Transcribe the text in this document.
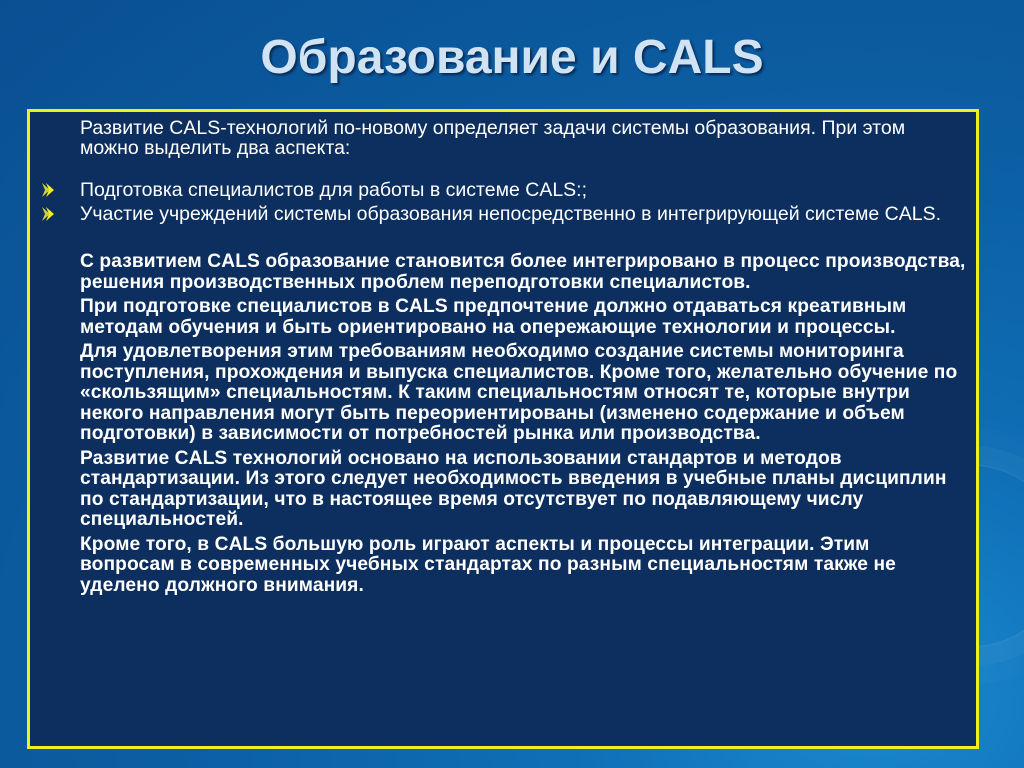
Образование и CALS

Развитие CALS-технологий по-новому определяет задачи системы образования. При этом можно выделить два аспекта:

Подготовка специалистов для работы в системе CALS:;
Участие учреждений системы образования непосредственно в интегрирующей системе CALS.

С развитием CALS образование становится более интегрировано в процесс производства, решения производственных проблем переподготовки специалистов.

При подготовке специалистов в CALS предпочтение должно отдаваться креативным методам обучения и быть ориентировано на опережающие технологии и процессы.

Для удовлетворения этим требованиям необходимо создание системы мониторинга поступления, прохождения и выпуска специалистов. Кроме того, желательно обучение по «скользящим» специальностям. К таким специальностям относят те, которые внутри некого направления могут быть переориентированы (изменено содержание и объем подготовки) в зависимости от потребностей рынка или производства.

Развитие CALS технологий основано на использовании стандартов и методов стандартизации. Из этого следует необходимость введения в учебные планы дисциплин по стандартизации, что в настоящее время отсутствует по подавляющему числу специальностей.

Кроме того, в CALS большую роль играют аспекты и процессы интеграции. Этим вопросам в современных учебных стандартах по разным специальностям также не уделено должного внимания.
